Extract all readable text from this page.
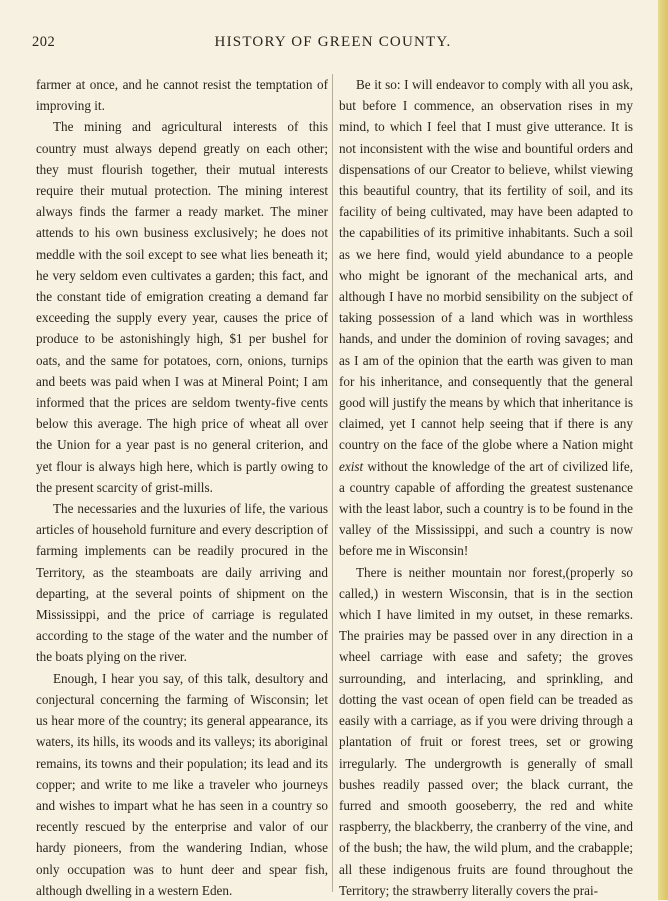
202	HISTORY OF GREEN COUNTY.

farmer at once, and he cannot resist the temptation of improving it.

The mining and agricultural interests of this country must always depend greatly on each other; they must flourish together, their mutual interests require their mutual protection. The mining interest always finds the farmer a ready market. The miner attends to his own business exclusively; he does not meddle with the soil except to see what lies beneath it; he very seldom even cultivates a garden; this fact, and the constant tide of emigration creating a demand far exceeding the supply every year, causes the price of produce to be astonishingly high, $1 per bushel for oats, and the same for potatoes, corn, onions, turnips and beets was paid when I was at Mineral Point; I am informed that the prices are seldom twenty-five cents below this average. The high price of wheat all over the Union for a year past is no general criterion, and yet flour is always high here, which is partly owing to the present scarcity of grist-mills.

The necessaries and the luxuries of life, the various articles of household furniture and every description of farming implements can be readily procured in the Territory, as the steamboats are daily arriving and departing, at the several points of shipment on the Mississippi, and the price of carriage is regulated according to the stage of the water and the number of the boats plying on the river.

Enough, I hear you say, of this talk, desultory and conjectural concerning the farming of Wisconsin; let us hear more of the country; its general appearance, its waters, its hills, its woods and its valleys; its aboriginal remains, its towns and their population; its lead and its copper; and write to me like a traveler who journeys and wishes to impart what he has seen in a country so recently rescued by the enterprise and valor of our hardy pioneers, from the wandering Indian, whose only occupation was to hunt deer and spear fish, although dwelling in a western Eden.

Be it so: I will endeavor to comply with all you ask, but before I commence, an observation rises in my mind, to which I feel that I must give utterance. It is not inconsistent with the wise and bountiful orders and dispensations of our Creator to believe, whilst viewing this beautiful country, that its fertility of soil, and its facility of being cultivated, may have been adapted to the capabilities of its primitive inhabitants. Such a soil as we here find, would yield abundance to a people who might be ignorant of the mechanical arts, and although I have no morbid sensibility on the subject of taking possession of a land which was in worthless hands, and under the dominion of roving savages; and as I am of the opinion that the earth was given to man for his inheritance, and consequently that the general good will justify the means by which that inheritance is claimed, yet I cannot help seeing that if there is any country on the face of the globe where a Nation might exist without the knowledge of the art of civilized life, a country capable of affording the greatest sustenance with the least labor, such a country is to be found in the valley of the Mississippi, and such a country is now before me in Wisconsin!

There is neither mountain nor forest,(properly so called,) in western Wisconsin, that is in the section which I have limited in my outset, in these remarks. The prairies may be passed over in any direction in a wheel carriage with ease and safety; the groves surrounding, and interlacing, and sprinkling, and dotting the vast ocean of open field can be treaded as easily with a carriage, as if you were driving through a plantation of fruit or forest trees, set or growing irregularly. The undergrowth is generally of small bushes readily passed over; the black currant, the furred and smooth gooseberry, the red and white raspberry, the blackberry, the cranberry of the vine, and of the bush; the haw, the wild plum, and the crabapple; all these indigenous fruits are found throughout the Territory; the strawberry literally covers the prai-
